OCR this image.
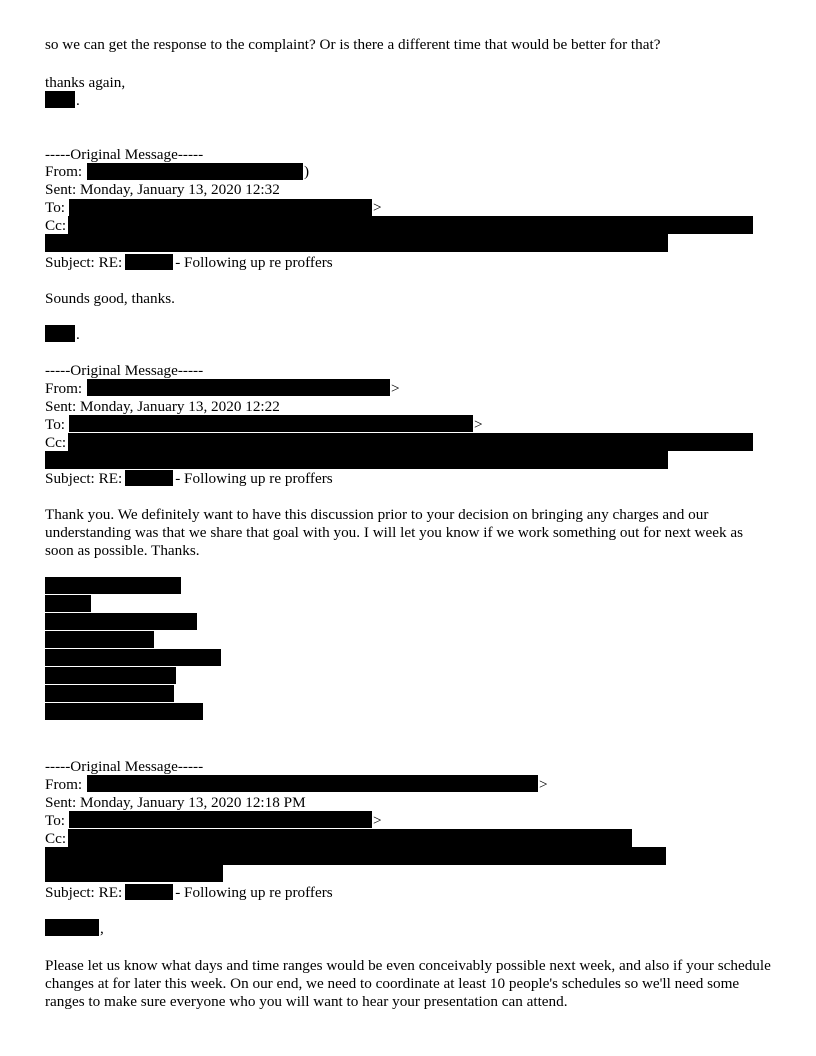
so we can get the response to the complaint? Or is there a different time that would be better for that?
thanks again,
.
-----Original Message-----
From:	)
Sent: Monday, January 13, 2020 12:32
To:	>
Cc:
Subject: RE:	- Following up re proffers
Sounds good, thanks.
.
-----Original Message-----
From:	>
Sent: Monday, January 13, 2020 12:22
To:	>
Cc:
Subject: RE:	- Following up re proffers
Thank you. We definitely want to have this discussion prior to your decision on bringing any charges and our understanding was that we share that goal with you. I will let you know if we work something out for next week as soon as possible. Thanks.
-----Original Message-----
From:	>
Sent: Monday, January 13, 2020 12:18 PM
To:	>
Cc:
Subject: RE:	- Following up re proffers
,
Please let us know what days and time ranges would be even conceivably possible next week, and also if your schedule changes at for later this week. On our end, we need to coordinate at least 10 people's schedules so we'll need some ranges to make sure everyone who you will want to hear your presentation can attend.
